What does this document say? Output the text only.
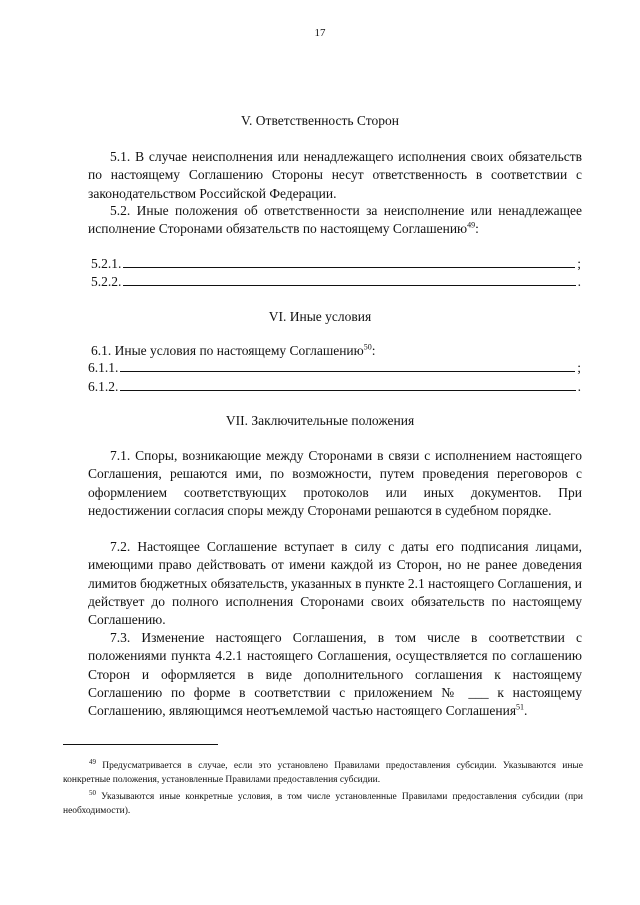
17
V. Ответственность Сторон

5.1. В случае неисполнения или ненадлежащего исполнения своих обязательств по настоящему Соглашению Стороны несут ответственность в соответствии с законодательством Российской Федерации.

5.2. Иные положения об ответственности за неисполнение или ненадлежащее исполнение Сторонами обязательств по настоящему Соглашению$^{49}$:

5.2.1.	;
5.2.2.	.
VI. Иные условия

6.1. Иные условия по настоящему Соглашению$^{50}$:

6.1.1.	;
6.1.2.	.
VII. Заключительные положения

7.1. Споры, возникающие между Сторонами в связи с исполнением настоящего Соглашения, решаются ими, по возможности, путем проведения переговоров с оформлением соответствующих протоколов или иных документов. При недостижении согласия споры между Сторонами решаются в судебном порядке.

7.2. Настоящее Соглашение вступает в силу с даты его подписания лицами, имеющими право действовать от имени каждой из Сторон, но не ранее доведения лимитов бюджетных обязательств, указанных в пункте 2.1 настоящего Соглашения, и действует до полного исполнения Сторонами своих обязательств по настоящему Соглашению.

7.3. Изменение настоящего Соглашения, в том числе в соответствии с положениями пункта 4.2.1 настоящего Соглашения, осуществляется по соглашению Сторон и оформляется в виде дополнительного соглашения к настоящему Соглашению по форме в соответствии с приложением № ___ к настоящему Соглашению, являющимся неотъемлемой частью настоящего Соглашения$^{51}$.

$^{49}$ Предусматривается в случае, если это установлено Правилами предоставления субсидии. Указываются иные конкретные положения, установленные Правилами предоставления субсидии.

$^{50}$ Указываются иные конкретные условия, в том числе установленные Правилами предоставления субсидии (при необходимости).
